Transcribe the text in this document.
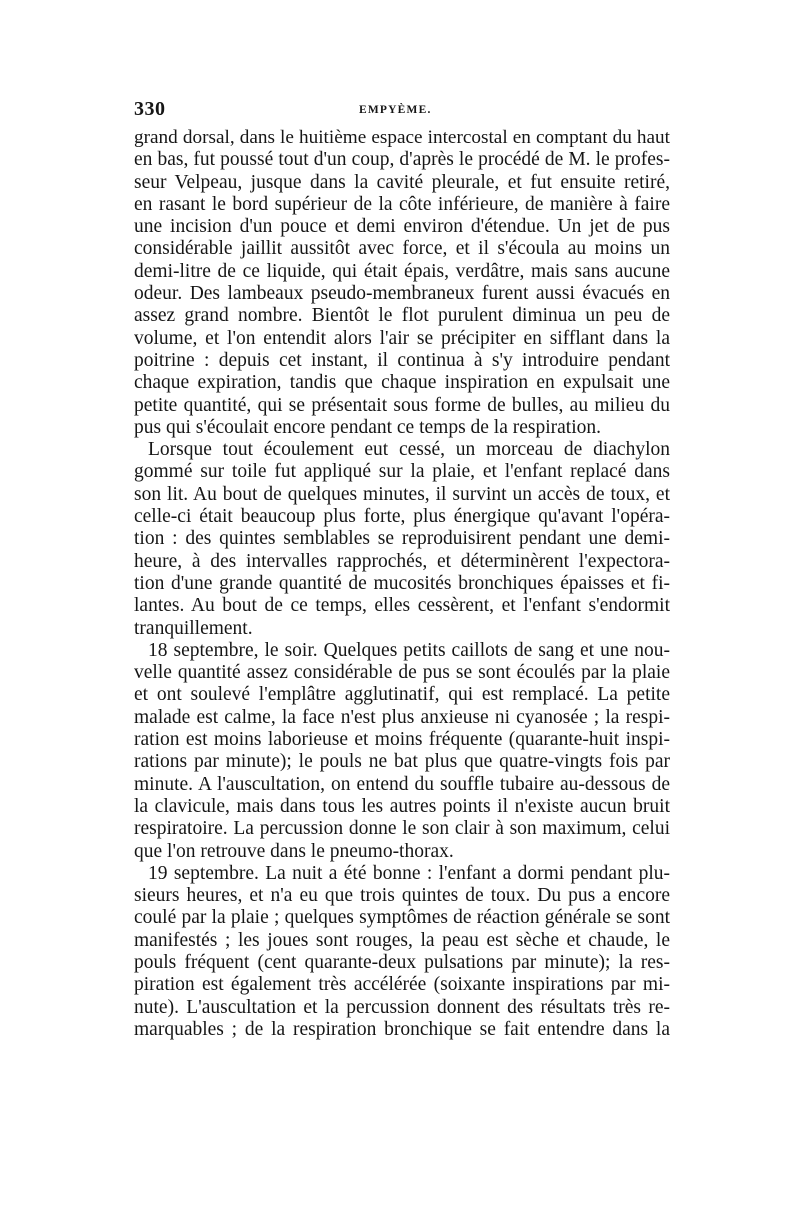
330	EMPYÈME.
grand dorsal, dans le huitième espace intercostal en comptant du haut
en bas, fut poussé tout d'un coup, d'après le procédé de M. le profes-
seur Velpeau, jusque dans la cavité pleurale, et fut ensuite retiré,
en rasant le bord supérieur de la côte inférieure, de manière à faire
une incision d'un pouce et demi environ d'étendue. Un jet de pus
considérable jaillit aussitôt avec force, et il s'écoula au moins un
demi-litre de ce liquide, qui était épais, verdâtre, mais sans aucune
odeur. Des lambeaux pseudo-membraneux furent aussi évacués en
assez grand nombre. Bientôt le flot purulent diminua un peu de
volume, et l'on entendit alors l'air se précipiter en sifflant dans la
poitrine : depuis cet instant, il continua à s'y introduire pendant
chaque expiration, tandis que chaque inspiration en expulsait une
petite quantité, qui se présentait sous forme de bulles, au milieu du
pus qui s'écoulait encore pendant ce temps de la respiration.
Lorsque tout écoulement eut cessé, un morceau de diachylon
gommé sur toile fut appliqué sur la plaie, et l'enfant replacé dans
son lit. Au bout de quelques minutes, il survint un accès de toux, et
celle-ci était beaucoup plus forte, plus énergique qu'avant l'opéra-
tion : des quintes semblables se reproduisirent pendant une demi-
heure, à des intervalles rapprochés, et déterminèrent l'expectora-
tion d'une grande quantité de mucosités bronchiques épaisses et fi-
lantes. Au bout de ce temps, elles cessèrent, et l'enfant s'endormit
tranquillement.
18 septembre, le soir. Quelques petits caillots de sang et une nou-
velle quantité assez considérable de pus se sont écoulés par la plaie
et ont soulevé l'emplâtre agglutinatif, qui est remplacé. La petite
malade est calme, la face n'est plus anxieuse ni cyanosée ; la respi-
ration est moins laborieuse et moins fréquente (quarante-huit inspi-
rations par minute); le pouls ne bat plus que quatre-vingts fois par
minute. A l'auscultation, on entend du souffle tubaire au-dessous de
la clavicule, mais dans tous les autres points il n'existe aucun bruit
respiratoire. La percussion donne le son clair à son maximum, celui
que l'on retrouve dans le pneumo-thorax.
19 septembre. La nuit a été bonne : l'enfant a dormi pendant plu-
sieurs heures, et n'a eu que trois quintes de toux. Du pus a encore
coulé par la plaie ; quelques symptômes de réaction générale se sont
manifestés ; les joues sont rouges, la peau est sèche et chaude, le
pouls fréquent (cent quarante-deux pulsations par minute); la res-
piration est également très accélérée (soixante inspirations par mi-
nute). L'auscultation et la percussion donnent des résultats très re-
marquables ; de la respiration bronchique se fait entendre dans la
